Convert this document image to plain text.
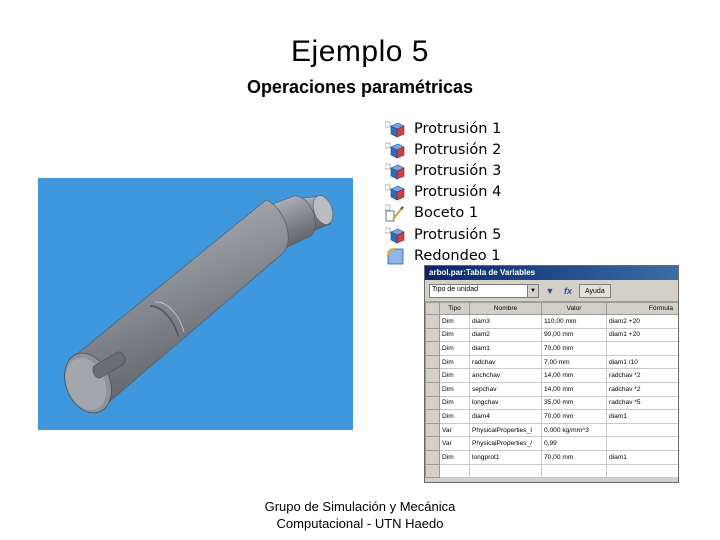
Ejemplo 5
Operaciones paramétricas
Protrusión 1
Protrusión 2
Protrusión 3
Protrusión 4
Boceto 1
Protrusión 5
Redondeo 1
arbol.par:Tabla de Variables
Tipo de unidad	▼ ▼	fx	Ayuda
	Tipo	Nombre	Valor	Fórmula
	Dim	diam3	110,00 mm	diam2 +20
	Dim	diam2	90,00 mm	diam1 +20
	Dim	diam1	70,00 mm	
	Dim	radchav	7,00 mm	diam1 /10
	Dim	anchchav	14,00 mm	radchav *2
	Dim	sepchav	14,00 mm	radchav *2
	Dim	longchav	35,00 mm	radchav *5
	Dim	diam4	70,00 mm	diam1
	Var	PhysicalProperties_I	0,000 kg/mm^3	
	Var	PhysicalProperties_/	0,99	
	Dim	longprot1	70,00 mm	diam1

Grupo de Simulación y Mecánica
Computacional - UTN Haedo
